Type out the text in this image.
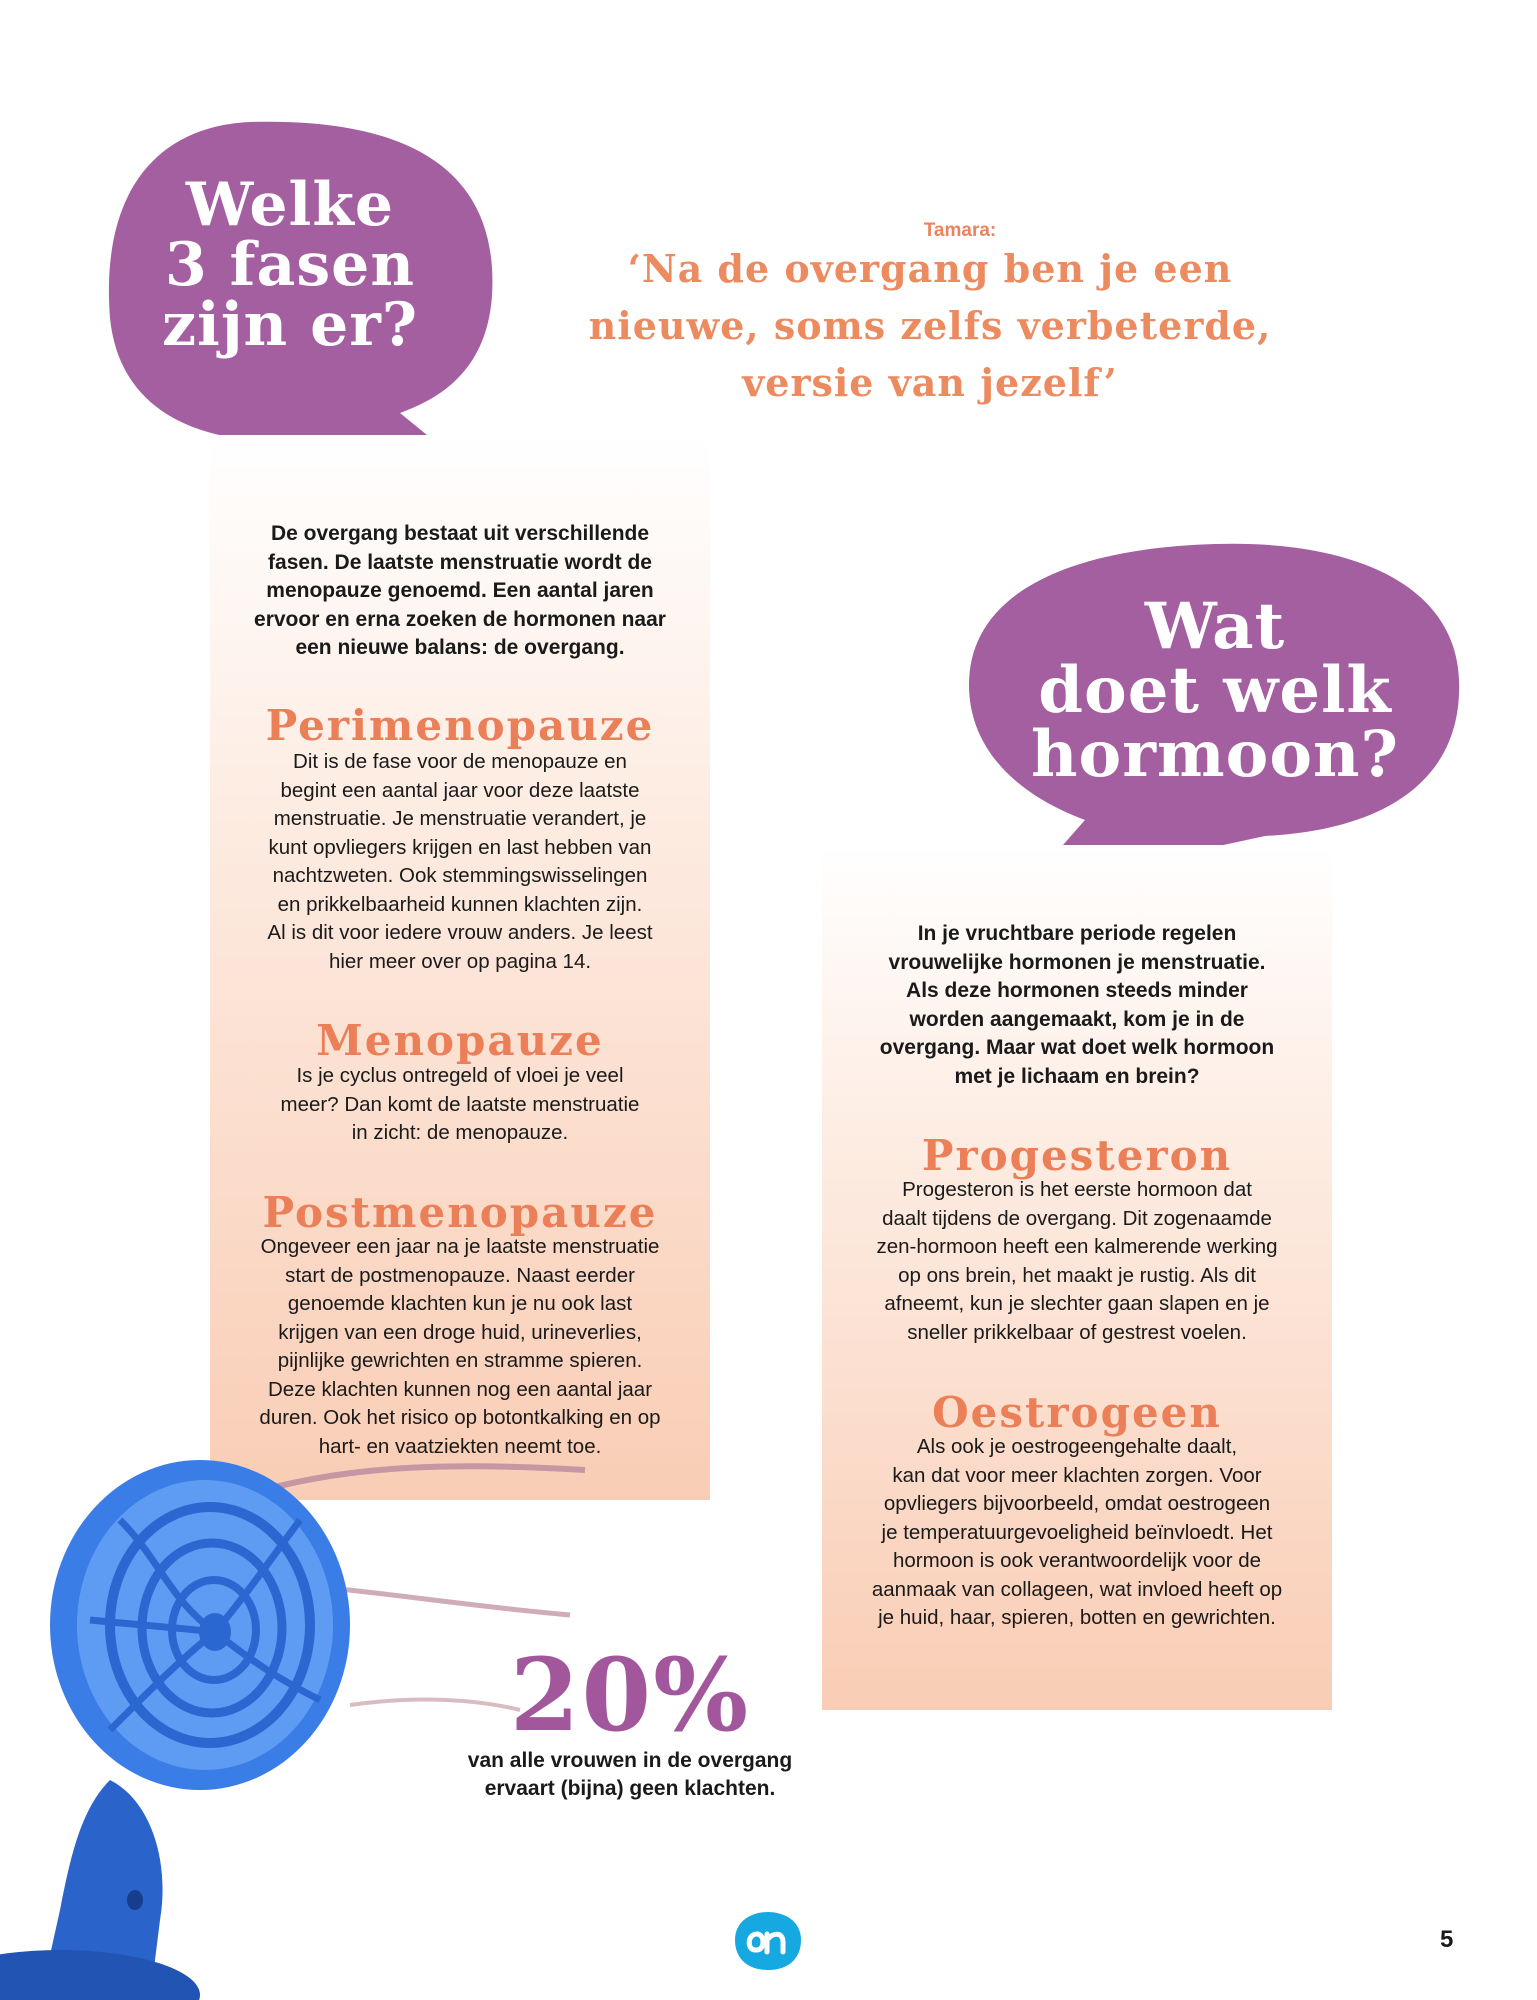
Welke
3 fasen
zijn er?
Tamara:
‘Na de overgang ben je een
nieuwe, soms zelfs verbeterde,
versie van jezelf’
De overgang bestaat uit verschillende
fasen. De laatste menstruatie wordt de
menopauze genoemd. Een aantal jaren
ervoor en erna zoeken de hormonen naar
een nieuwe balans: de overgang.
Perimenopauze
Dit is de fase voor de menopauze en
begint een aantal jaar voor deze laatste
menstruatie. Je menstruatie verandert, je
kunt opvliegers krijgen en last hebben van
nachtzweten. Ook stemmingswisselingen
en prikkelbaarheid kunnen klachten zijn.
Al is dit voor iedere vrouw anders. Je leest
hier meer over op pagina 14.
Menopauze
Is je cyclus ontregeld of vloei je veel
meer? Dan komt de laatste menstruatie
in zicht: de menopauze.
Postmenopauze
Ongeveer een jaar na je laatste menstruatie
start de postmenopauze. Naast eerder
genoemde klachten kun je nu ook last
krijgen van een droge huid, urineverlies,
pijnlijke gewrichten en stramme spieren.
Deze klachten kunnen nog een aantal jaar
duren. Ook het risico op botontkalking en op
hart- en vaatziekten neemt toe.
Wat
doet welk
hormoon?
In je vruchtbare periode regelen
vrouwelijke hormonen je menstruatie.
Als deze hormonen steeds minder
worden aangemaakt, kom je in de
overgang. Maar wat doet welk hormoon
met je lichaam en brein?
Progesteron
Progesteron is het eerste hormoon dat
daalt tijdens de overgang. Dit zogenaamde
zen-hormoon heeft een kalmerende werking
op ons brein, het maakt je rustig. Als dit
afneemt, kun je slechter gaan slapen en je
sneller prikkelbaar of gestrest voelen.
Oestrogeen
Als ook je oestrogeengehalte daalt,
kan dat voor meer klachten zorgen. Voor
opvliegers bijvoorbeeld, omdat oestrogeen
je temperatuurgevoeligheid beïnvloedt. Het
hormoon is ook verantwoordelijk voor de
aanmaak van collageen, wat invloed heeft op
je huid, haar, spieren, botten en gewrichten.
20%
van alle vrouwen in de overgang
ervaart (bijna) geen klachten.
5
